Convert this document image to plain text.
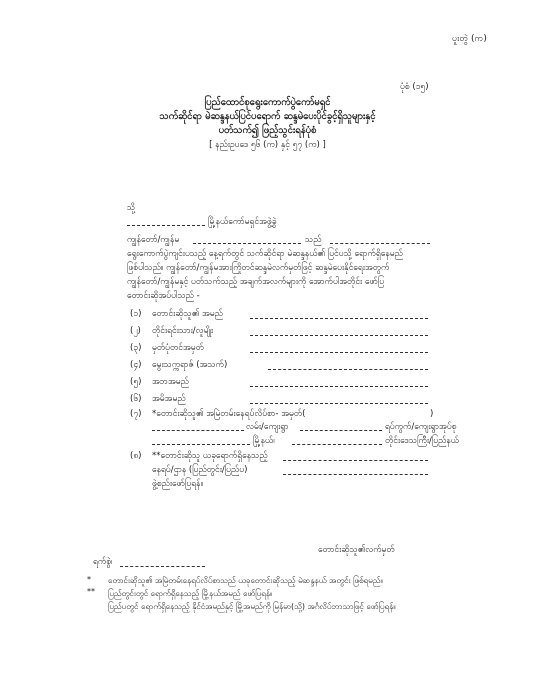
ပူးတွဲ (က)
ပုံစံ (၁၅)
ပြည်ထောင်စုရွေးကောက်ပွဲကော်မရှင်
သက်ဆိုင်ရာ မဲဆန္ဒနယ်ပြင်ပရောက် ဆန္ဒမဲပေးပိုင်ခွင့်ရှိသူများနှင့်
ပတ်သက်၍ ဖြည့်သွင်းရန်ပုံစံ
[ နည်းဥပဒေ ၅၆ (က) နှင့် ၅၇ (က) ]
သို့
မြို့နယ်ကော်မရှင်အဖွဲ့ခွဲ
ကျွန်တော်/ကျွန်မ	သည်
ရွေးကောက်ပွဲကျင်းပသည့် နေ့ရက်တွင် သက်ဆိုင်ရာ မဲဆန္ဒနယ်၏ ပြင်ပသို့ ရောက်ရှိနေမည်
ဖြစ်ပါသည်။ ကျွန်တော်/ကျွန်မအားကြိုတင်ဆန္ဒမဲလက်မှတ်ဖြင့် ဆန္ဒမဲပေးနိုင်ရေးအတွက်
ကျွန်တော်/ကျွန်မနှင့် ပတ်သက်သည့် အချက်အလက်များကို အောက်ပါအတိုင်း ဖော်ပြ
တောင်းဆိုအပ်ပါသည် -
(၁) တောင်းဆိုသူ၏ အမည်
(၂) တိုင်းရင်းသား/လူမျိုး
(၃) မှတ်ပုံတင်အမှတ်
(၄) မွေးသက္ကရာဇ် (အသက်)
(၅) အဘအမည်
(၆) အမိအမည်
(၇) *တောင်းဆိုသူ၏ အမြဲတမ်းနေရပ်လိပ်စာ- အမှတ်(	)
လမ်း/ကျေးရွာ	ရပ်ကွက်/ကျေးရွာအုပ်စု
မြို့နယ်၊	တိုင်းဒေသကြီး/ပြည်နယ်
(၈) **တောင်းဆိုသူ ယခုရောက်ရှိနေသည့်
နေရပ်/ဌာန (ပြည်တွင်း/ပြည်ပ)
ဖွဲ့စည်းဖော်ပြရန်။
တောင်းဆိုသူ၏လက်မှတ်
ရက်စွဲ၊
* တောင်းဆိုသူ၏ အမြဲတမ်းနေရပ်လိပ်စာသည် ယခုတောင်းဆိုသည့် မဲဆန္ဒနယ် အတွင်း ဖြစ်ရမည်။
** ပြည်တွင်းတွင် ရောက်ရှိနေသည့် မြို့နယ်အမည် ဖော်ပြရန်။
ပြည်ပတွင် ရောက်ရှိနေသည့် နိုင်ငံအမည်နှင့် မြို့အမည်ကို မြန်မာ(သို့) အင်္ဂလိပ်ဘာသာဖြင့် ဖော်ပြရန်။
